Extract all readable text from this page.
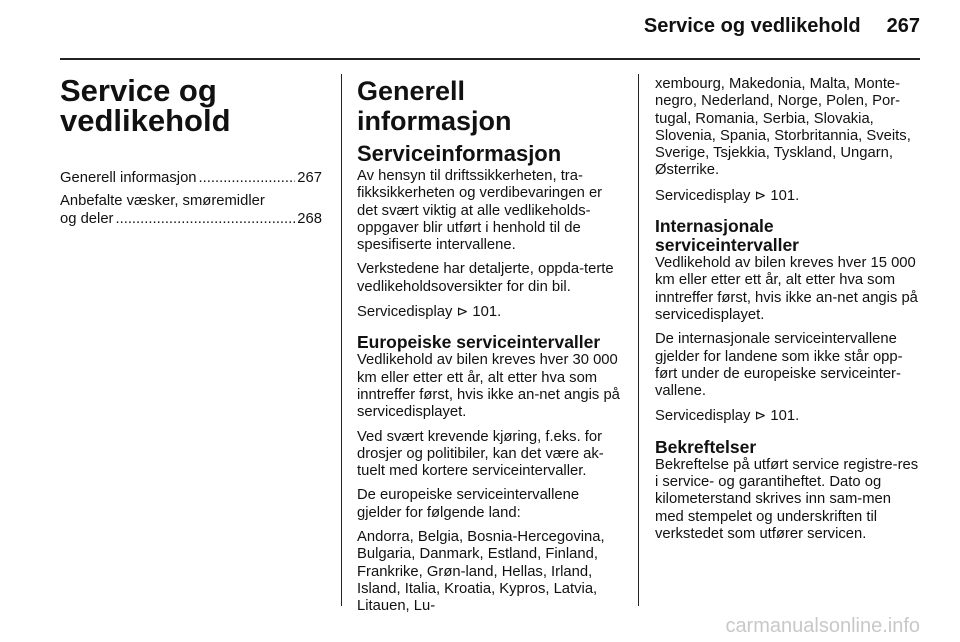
Service og vedlikehold 267
Service og
vedlikehold
Generell informasjon .....	267
Anbefalte væsker, smøremidler
og deler .....	268
Generell informasjon
Serviceinformasjon

Av hensyn til driftssikkerheten, tra-fikksikkerheten og verdibevaringen er det svært viktig at alle vedlikeholds-oppgaver blir utført i henhold til de spesifiserte intervallene.

Verkstedene har detaljerte, oppda-terte vedlikeholdsoversikter for din bil.

Servicedisplay ⊳ 101.

Europeiske serviceintervaller

Vedlikehold av bilen kreves hver 30 000 km eller etter ett år, alt etter hva som inntreffer først, hvis ikke an-net angis på servicedisplayet.

Ved svært krevende kjøring, f.eks. for drosjer og politibiler, kan det være ak-tuelt med kortere serviceintervaller.

De europeiske serviceintervallene gjelder for følgende land:

Andorra, Belgia, Bosnia-Hercegovina, Bulgaria, Danmark, Estland, Finland, Frankrike, Grøn-land, Hellas, Irland, Island, Italia, Kroatia, Kypros, Latvia, Litauen, Lu-

xembourg, Makedonia, Malta, Monte-negro, Nederland, Norge, Polen, Por-tugal, Romania, Serbia, Slovakia, Slovenia, Spania, Storbritannia, Sveits, Sverige, Tsjekkia, Tyskland, Ungarn, Østerrike.

Servicedisplay ⊳ 101.

Internasjonale serviceintervaller

Vedlikehold av bilen kreves hver 15 000 km eller etter ett år, alt etter hva som inntreffer først, hvis ikke an-net angis på servicedisplayet.

De internasjonale serviceintervallene gjelder for landene som ikke står opp-ført under de europeiske serviceinter-vallene.

Servicedisplay ⊳ 101.

Bekreftelser

Bekreftelse på utført service registre-res i service- og garantiheftet. Dato og kilometerstand skrives inn sam-men med stempelet og underskriften til verkstedet som utfører servicen.

carmanualsonline.info
